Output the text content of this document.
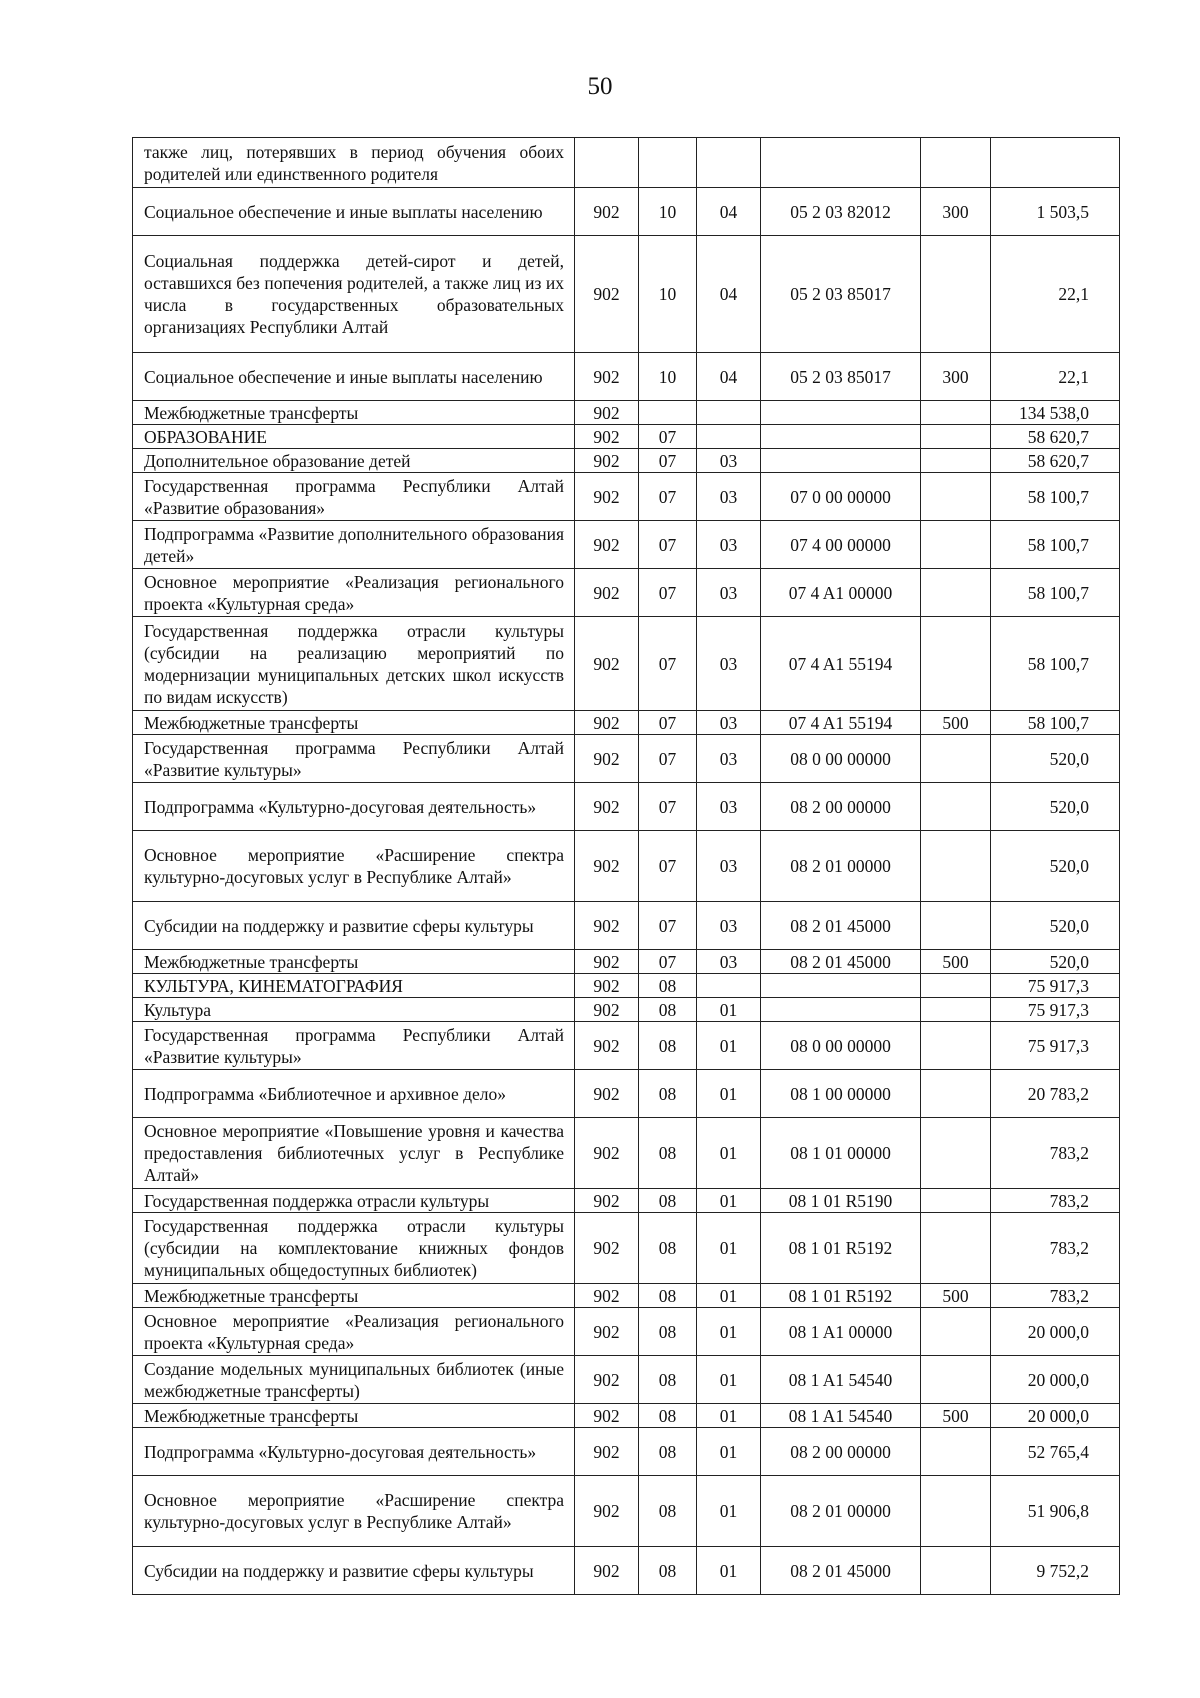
50
также лиц, потерявших в период обучения обоих родителей или единственного родителя						
Социальное обеспечение и иные выплаты населению	902	10	04	05 2 03 82012	300	1 503,5
Социальная поддержка детей-сирот и детей, оставшихся без попечения родителей, а также лиц из их числа в государственных образовательных организациях Республики Алтай	902	10	04	05 2 03 85017		22,1
Социальное обеспечение и иные выплаты населению	902	10	04	05 2 03 85017	300	22,1
Межбюджетные трансферты	902					134 538,0
ОБРАЗОВАНИЕ	902	07				58 620,7
Дополнительное образование детей	902	07	03			58 620,7
Государственная программа Республики Алтай «Развитие образования»	902	07	03	07 0 00 00000		58 100,7
Подпрограмма «Развитие дополнительного образования детей»	902	07	03	07 4 00 00000		58 100,7
Основное мероприятие «Реализация регионального проекта «Культурная среда»	902	07	03	07 4 A1 00000		58 100,7
Государственная поддержка отрасли культуры (субсидии на реализацию мероприятий по модернизации муниципальных детских школ искусств по видам искусств)	902	07	03	07 4 A1 55194		58 100,7
Межбюджетные трансферты	902	07	03	07 4 A1 55194	500	58 100,7
Государственная программа Республики Алтай «Развитие культуры»	902	07	03	08 0 00 00000		520,0
Подпрограмма «Культурно-досуговая деятельность»	902	07	03	08 2 00 00000		520,0
Основное мероприятие «Расширение спектра культурно-досуговых услуг в Республике Алтай»	902	07	03	08 2 01 00000		520,0
Субсидии на поддержку и развитие сферы культуры	902	07	03	08 2 01 45000		520,0
Межбюджетные трансферты	902	07	03	08 2 01 45000	500	520,0
КУЛЬТУРА, КИНЕМАТОГРАФИЯ	902	08				75 917,3
Культура	902	08	01			75 917,3
Государственная программа Республики Алтай «Развитие культуры»	902	08	01	08 0 00 00000		75 917,3
Подпрограмма «Библиотечное и архивное дело»	902	08	01	08 1 00 00000		20 783,2
Основное мероприятие «Повышение уровня и качества предоставления библиотечных услуг в Республике Алтай»	902	08	01	08 1 01 00000		783,2
Государственная поддержка отрасли культуры	902	08	01	08 1 01 R5190		783,2
Государственная поддержка отрасли культуры (субсидии на комплектование книжных фондов муниципальных общедоступных библиотек)	902	08	01	08 1 01 R5192		783,2
Межбюджетные трансферты	902	08	01	08 1 01 R5192	500	783,2
Основное мероприятие «Реализация регионального проекта «Культурная среда»	902	08	01	08 1 A1 00000		20 000,0
Создание модельных муниципальных библиотек (иные межбюджетные трансферты)	902	08	01	08 1 A1 54540		20 000,0
Межбюджетные трансферты	902	08	01	08 1 A1 54540	500	20 000,0
Подпрограмма «Культурно-досуговая деятельность»	902	08	01	08 2 00 00000		52 765,4
Основное мероприятие «Расширение спектра культурно-досуговых услуг в Республике Алтай»	902	08	01	08 2 01 00000		51 906,8
Субсидии на поддержку и развитие сферы культуры	902	08	01	08 2 01 45000		9 752,2
